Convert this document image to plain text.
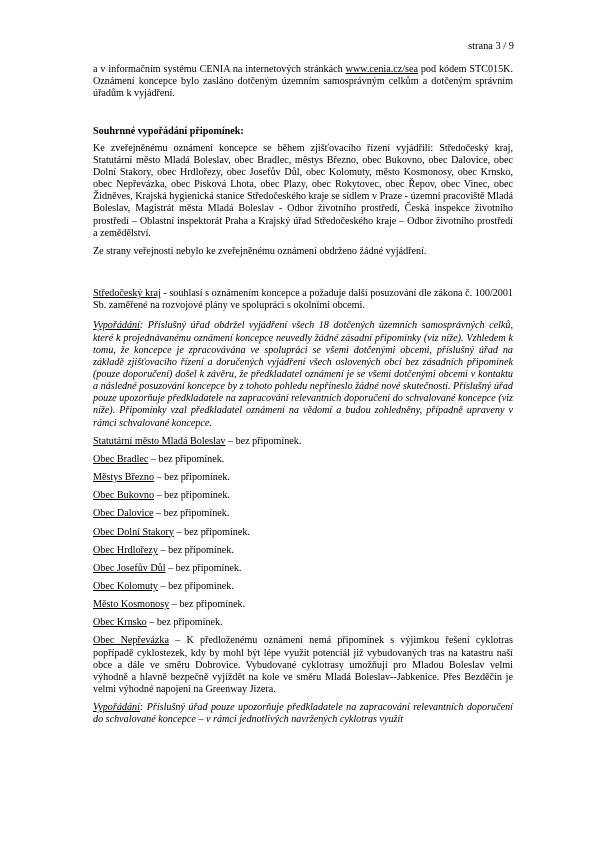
strana 3 / 9

a v informačním systému CENIA na internetových stránkách www.cenia.cz/sea pod kódem STC015K. Oznámení koncepce bylo zasláno dotčeným územním samosprávným celkům a dotčeným správním úřadům k vyjádření.

Souhrnné vypořádání připomínek:

Ke zveřejněnému oznámení koncepce se během zjišťovacího řízení vyjádřili: Středočeský kraj, Statutární město Mladá Boleslav, obec Bradlec, městys Březno, obec Bukovno, obec Dalovice, obec Dolní Stakory, obec Hrdlořezy, obec Josefův Důl, obec Kolomuty, město Kosmonosy, obec Krnsko, obec Nepřevázka, obec Písková Lhota, obec Plazy, obec Rokytovec, obec Řepov, obec Vinec, obec Židněves, Krajská hygienická stanice Středočeského kraje se sídlem v Praze - územní pracoviště Mladá Boleslav, Magistrát města Mladá Boleslav - Odbor životního prostředí, Česká inspekce životního prostředí – Oblastní inspektorát Praha a Krajský úřad Středočeského kraje – Odbor životního prostředí a zemědělství.

Ze strany veřejnosti nebylo ke zveřejněnému oznámení obdrženo žádné vyjádření.

Středočeský kraj - souhlasí s oznámením koncepce a požaduje další posuzování dle zákona č. 100/2001 Sb. zaměřené na rozvojové plány ve spolupráci s okolními obcemi.

Vypořádání: Příslušný úřad obdržel vyjádření všech 18 dotčených územních samosprávných celků, které k projednávanému oznámení koncepce neuvedly žádné zásadní připomínky (viz níže). Vzhledem k tomu, že koncepce je zpracovávána ve spolupráci se všemi dotčenými obcemi, příslušný úřad na základě zjišťovacího řízení a doručených vyjádření všech oslovených obcí bez zásadních připomínek (pouze doporučení) došel k závěru, že předkladatel oznámení je se všemi dotčenými obcemi v kontaktu a následné posuzování koncepce by z tohoto pohledu nepřineslo žádné nové skutečnosti. Příslušný úřad pouze upozorňuje předkladatele na zapracování relevantních doporučení do schvalované koncepce (viz níže). Připomínky vzal předkladatel oznámení na vědomí a budou zohledněny, případně upraveny v rámci schvalované koncepce.

Statutární město Mladá Boleslav – bez připomínek.

Obec Bradlec – bez připomínek.

Městys Březno – bez připomínek.

Obec Bukovno – bez připomínek.

Obec Dalovice – bez připomínek.

Obec Dolní Stakory – bez připomínek.

Obec Hrdlořezy – bez připomínek.

Obec Josefův Důl – bez připomínek.

Obec Kolomuty – bez připomínek.

Město Kosmonosy – bez připomínek.

Obec Krnsko – bez připomínek.

Obec Nepřevázka – K předloženému oznámení nemá připomínek s výjimkou řešení cyklotras popřípadě cyklostezek, kdy by mohl být lépe využit potenciál již vybudovaných tras na katastru naší obce a dále ve směru Dobrovice. Vybudované cyklotrasy umožňují pro Mladou Boleslav velmi výhodně a hlavně bezpečně vyjíždět na kole ve směru Mladá Boleslav--Jabkenice. Přes Bezděčín je velmi výhodné napojení na Greenway Jizera.

Vypořádání: Příslušný úřad pouze upozorňuje předkladatele na zapracování relevantních doporučení do schvalované koncepce – v rámci jednotlivých navržených cyklotras využít
